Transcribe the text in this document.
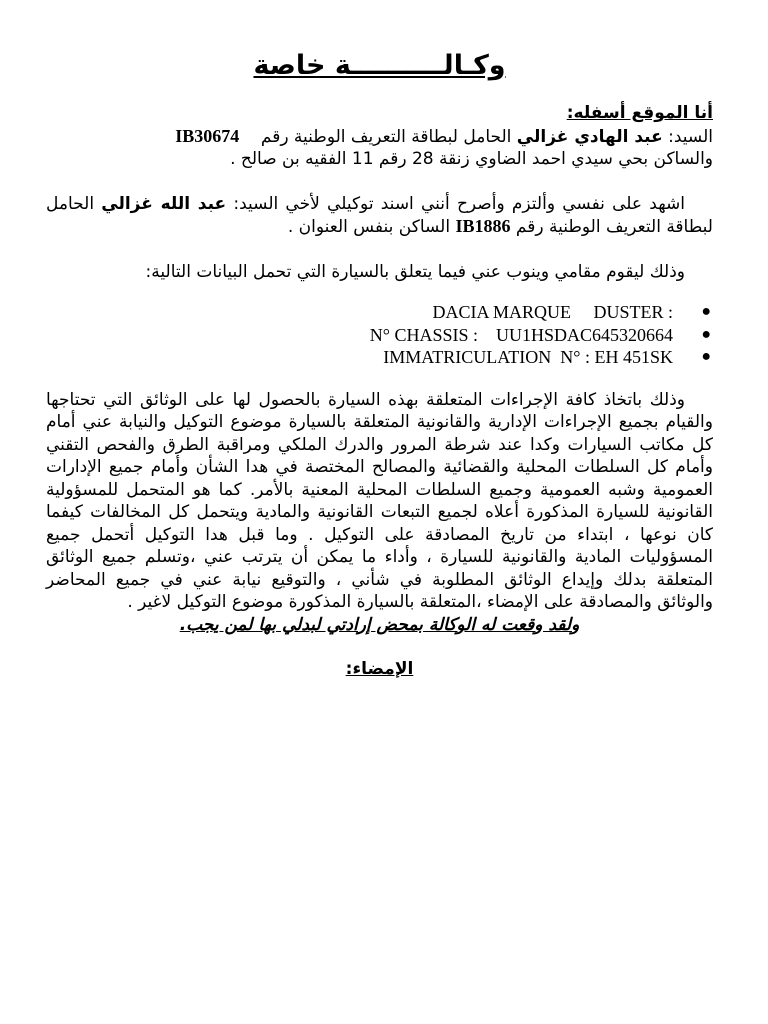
وكـالــــــــــة خاصة

أنا الموقع أسفله:

السيد: عبد الهادي غزالي الحامل لبطاقة التعريف الوطنية رقم    IB30674
والساكن بحي سيدي احمد الضاوي زنقة 28 رقم 11 الفقيه بن صالح .

اشهد على نفسي وألتزم وأصرح أنني اسند توكيلي لأخي السيد: عبد الله غزالي الحامل لبطاقة التعريف الوطنية رقم IB1886 الساكن بنفس العنوان .

وذلك ليقوم مقامي وينوب عني فيما يتعلق بالسيارة التي تحمل البيانات التالية:

DACIA MARQUE     DUSTER : ●
N° CHASSIS :    UU1HSDAC645320664 ●
IMMATRICULATION  N° : EH 451SK ●

وذلك باتخاذ كافة الإجراءات المتعلقة بهذه السيارة بالحصول لها على الوثائق التي تحتاجها والقيام بجميع الإجراءات الإدارية والقانونية المتعلقة بالسيارة موضوع التوكيل والنيابة عني أمام كل مكاتب السيارات وكدا عند شرطة المرور والدرك الملكي ومراقبة الطرق والفحص التقني وأمام كل السلطات المحلية والقضائية والمصالح المختصة في هدا الشأن وأمام جميع الإدارات العمومية وشبه العمومية وجميع السلطات المحلية المعنية بالأمر. كما هو المتحمل للمسؤولية القانونية للسيارة المذكورة أعلاه لجميع التبعات القانونية والمادية ويتحمل كل المخالفات كيفما كان نوعها ، ابتداء من تاريخ المصادقة على التوكيل . وما قبل هدا التوكيل أتحمل جميع المسؤوليات المادية والقانونية للسيارة ، وأداء ما يمكن أن يترتب عني ،وتسلم جميع الوثائق المتعلقة بدلك وإيداع الوثائق المطلوبة في شأني ، والتوقيع نيابة عني في جميع المحاضر والوثائق والمصادقة على الإمضاء ،المتعلقة بالسيارة المذكورة موضوع التوكيل لاغير .

ولقد وقعت له الوكالة بمحض إرادتي لبدلي بها لمن يجب.

الإمضاء:
